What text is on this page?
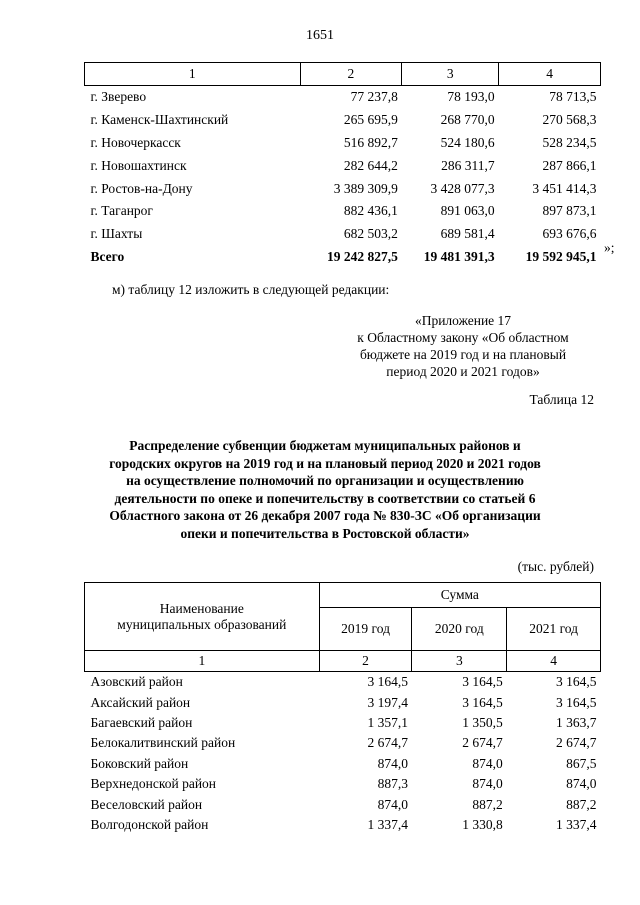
1651
1	2	3	4
г. Зверево	77 237,8	78 193,0	78 713,5
г. Каменск-Шахтинский	265 695,9	268 770,0	270 568,3
г. Новочеркасск	516 892,7	524 180,6	528 234,5
г. Новошахтинск	282 644,2	286 311,7	287 866,1
г. Ростов-на-Дону	3 389 309,9	3 428 077,3	3 451 414,3
г. Таганрог	882 436,1	891 063,0	897 873,1
г. Шахты	682 503,2	689 581,4	693 676,6
Всего	19 242 827,5	19 481 391,3	19 592 945,1
»;
м) таблицу 12 изложить в следующей редакции:
«Приложение 17
к Областному закону «Об областном
бюджете на 2019 год и на плановый
период 2020 и 2021 годов»
Таблица 12
Распределение субвенции бюджетам муниципальных районов и
городских округов на 2019 год и на плановый период 2020 и 2021 годов
на осуществление полномочий по организации и осуществлению
деятельности по опеке и попечительству в соответствии со статьей 6
Областного закона от 26 декабря 2007 года № 830-ЗС «Об организации
опеки и попечительства в Ростовской области»
(тыс. рублей)
Наименование
муниципальных образований	Сумма		
	2019 год	2020 год	2021 год
1	2	3	4
Азовский район	3 164,5	3 164,5	3 164,5
Аксайский район	3 197,4	3 164,5	3 164,5
Багаевский район	1 357,1	1 350,5	1 363,7
Белокалитвинский район	2 674,7	2 674,7	2 674,7
Боковский район	874,0	874,0	867,5
Верхнедонской район	887,3	874,0	874,0
Веселовский район	874,0	887,2	887,2
Волгодонской район	1 337,4	1 330,8	1 337,4
